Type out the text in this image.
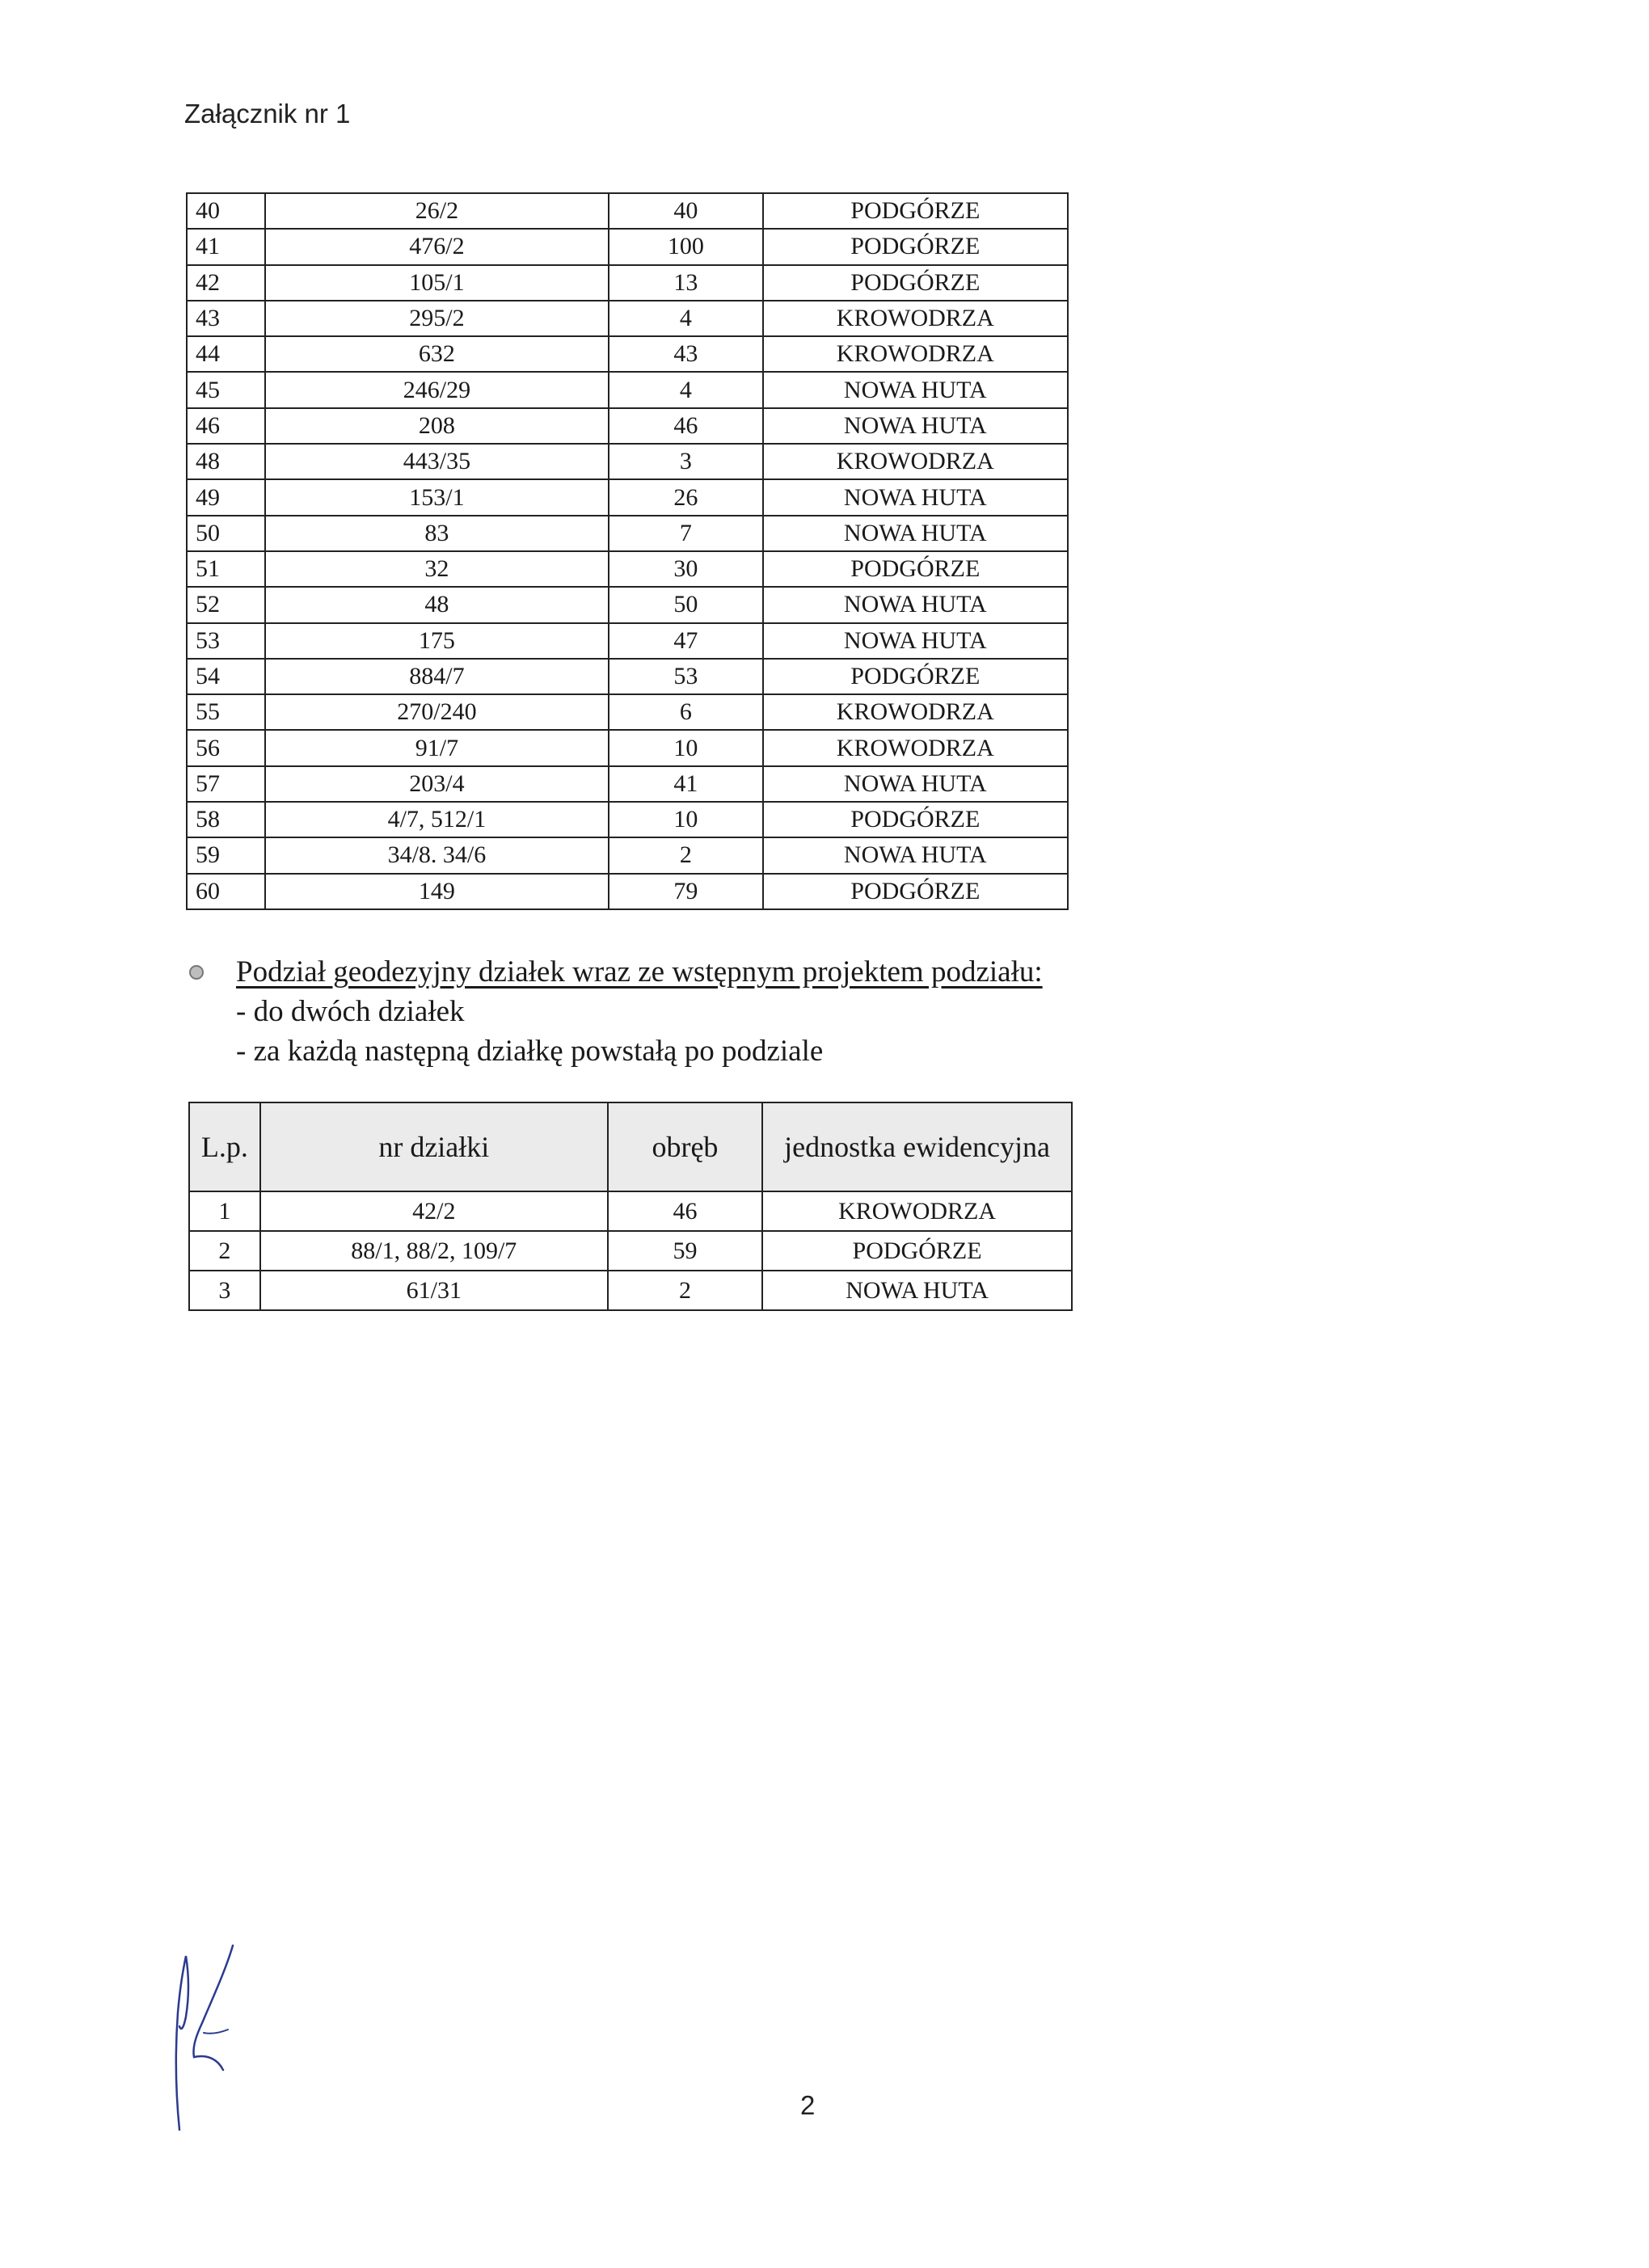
Załącznik nr 1
40	26/2	40	PODGÓRZE
41	476/2	100	PODGÓRZE
42	105/1	13	PODGÓRZE
43	295/2	4	KROWODRZA
44	632	43	KROWODRZA
45	246/29	4	NOWA HUTA
46	208	46	NOWA HUTA
48	443/35	3	KROWODRZA
49	153/1	26	NOWA HUTA
50	83	7	NOWA HUTA
51	32	30	PODGÓRZE
52	48	50	NOWA HUTA
53	175	47	NOWA HUTA
54	884/7	53	PODGÓRZE
55	270/240	6	KROWODRZA
56	91/7	10	KROWODRZA
57	203/4	41	NOWA HUTA
58	4/7, 512/1	10	PODGÓRZE
59	34/8. 34/6	2	NOWA HUTA
60	149	79	PODGÓRZE
Podział geodezyjny działek wraz ze wstępnym projektem podziału:
- do dwóch działek
- za każdą następną działkę powstałą po podziale
L.p.	nr działki	obręb	jednostka ewidencyjna
1	42/2	46	KROWODRZA
2	88/1, 88/2, 109/7	59	PODGÓRZE
3	61/31	2	NOWA HUTA
2
